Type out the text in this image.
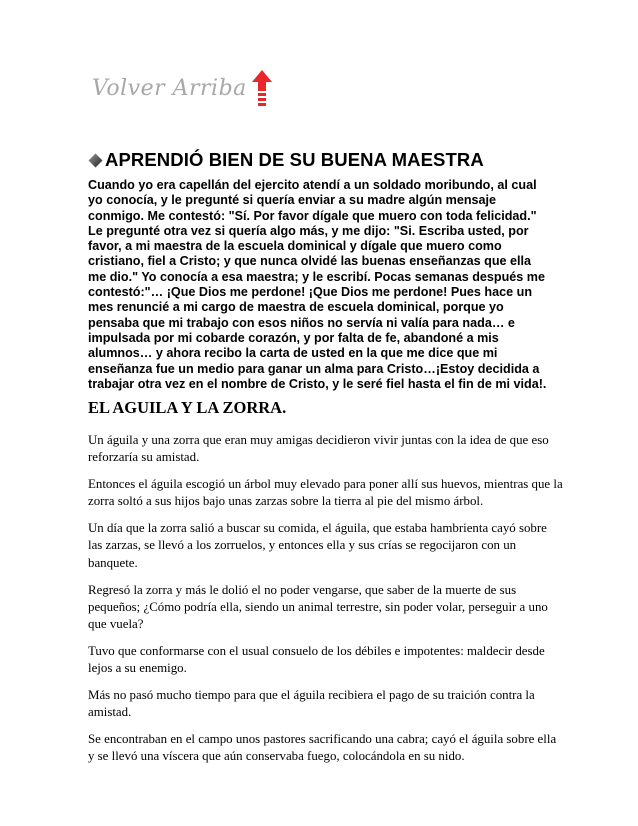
Volver Arriba
APRENDIÓ BIEN DE SU BUENA MAESTRA
Cuando yo era capellán del ejercito atendí a un soldado moribundo, al cual
yo conocía, y le pregunté si quería enviar a su madre algún mensaje
conmigo. Me contestó: "Sí. Por favor dígale que muero con toda felicidad."
Le pregunté otra vez si quería algo más, y me dijo: "Si. Escriba usted, por
favor, a mi maestra de la escuela dominical y dígale que muero como
cristiano, fiel a Cristo; y que nunca olvidé las buenas enseñanzas que ella
me dio." Yo conocía a esa maestra; y le escribí. Pocas semanas después me
contestó:"… ¡Que Dios me perdone! ¡Que Dios me perdone! Pues hace un
mes renuncié a mi cargo de maestra de escuela dominical, porque yo
pensaba que mi trabajo con esos niños no servía ni valía para nada… e
impulsada por mi cobarde corazón, y por falta de fe, abandoné a mis
alumnos… y ahora recibo la carta de usted en la que me dice que mi
enseñanza fue un medio para ganar un alma para Cristo…¡Estoy decidida a
trabajar otra vez en el nombre de Cristo, y le seré fiel hasta el fin de mi vida!.
EL AGUILA Y LA ZORRA.
Un águila y una zorra que eran muy amigas decidieron vivir juntas con la idea de que eso
reforzaría su amistad.
Entonces el águila escogió un árbol muy elevado para poner allí sus huevos, mientras que la
zorra soltó a sus hijos bajo unas zarzas sobre la tierra al pie del mismo árbol.
Un día que la zorra salió a buscar su comida, el águila, que estaba hambrienta cayó sobre
las zarzas, se llevó a los zorruelos, y entonces ella y sus crías se regocijaron con un
banquete.
Regresó la zorra y más le dolió el no poder vengarse, que saber de la muerte de sus
pequeños; ¿Cómo podría ella, siendo un animal terrestre, sin poder volar, perseguir a uno
que vuela?
Tuvo que conformarse con el usual consuelo de los débiles e impotentes: maldecir desde
lejos a su enemigo.
Más no pasó mucho tiempo para que el águila recibiera el pago de su traición contra la
amistad.
Se encontraban en el campo unos pastores sacrificando una cabra; cayó el águila sobre ella
y se llevó una víscera que aún conservaba fuego, colocándola en su nido.
